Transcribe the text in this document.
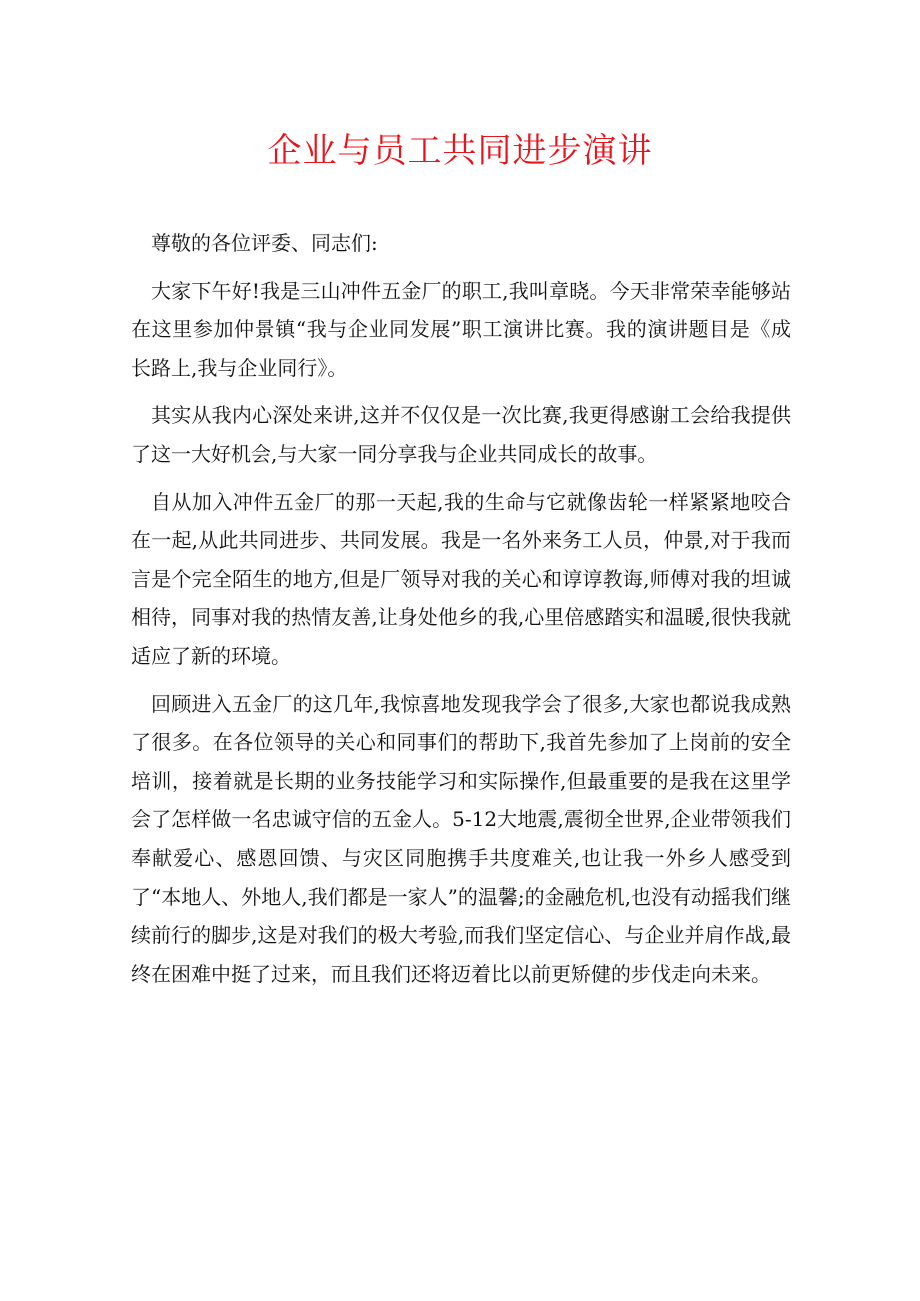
企业与员工共同进步演讲

尊敬的各位评委、同志们:

大家下午好!我是三山冲件五金厂的职工,我叫章晓。今天非常荣幸能够站在这里参加仲景镇“我与企业同发展”职工演讲比赛。我的演讲题目是《成长路上,我与企业同行》。

其实从我内心深处来讲,这并不仅仅是一次比赛,我更得感谢工会给我提供了这一大好机会,与大家一同分享我与企业共同成长的故事。

自从加入冲件五金厂的那一天起,我的生命与它就像齿轮一样紧紧地咬合在一起,从此共同进步、共同发展。我是一名外来务工人员，仲景,对于我而言是个完全陌生的地方,但是厂领导对我的关心和谆谆教诲,师傅对我的坦诚相待，同事对我的热情友善,让身处他乡的我,心里倍感踏实和温暖,很快我就适应了新的环境。

回顾进入五金厂的这几年,我惊喜地发现我学会了很多,大家也都说我成熟了很多。在各位领导的关心和同事们的帮助下,我首先参加了上岗前的安全培训，接着就是长期的业务技能学习和实际操作,但最重要的是我在这里学会了怎样做一名忠诚守信的五金人。5-12大地震,震彻全世界,企业带领我们奉献爱心、感恩回馈、与灾区同胞携手共度难关,也让我一外乡人感受到了“本地人、外地人,我们都是一家人”的温馨;的金融危机,也没有动摇我们继续前行的脚步,这是对我们的极大考验,而我们坚定信心、与企业并肩作战,最终在困难中挺了过来，而且我们还将迈着比以前更矫健的步伐走向未来。
